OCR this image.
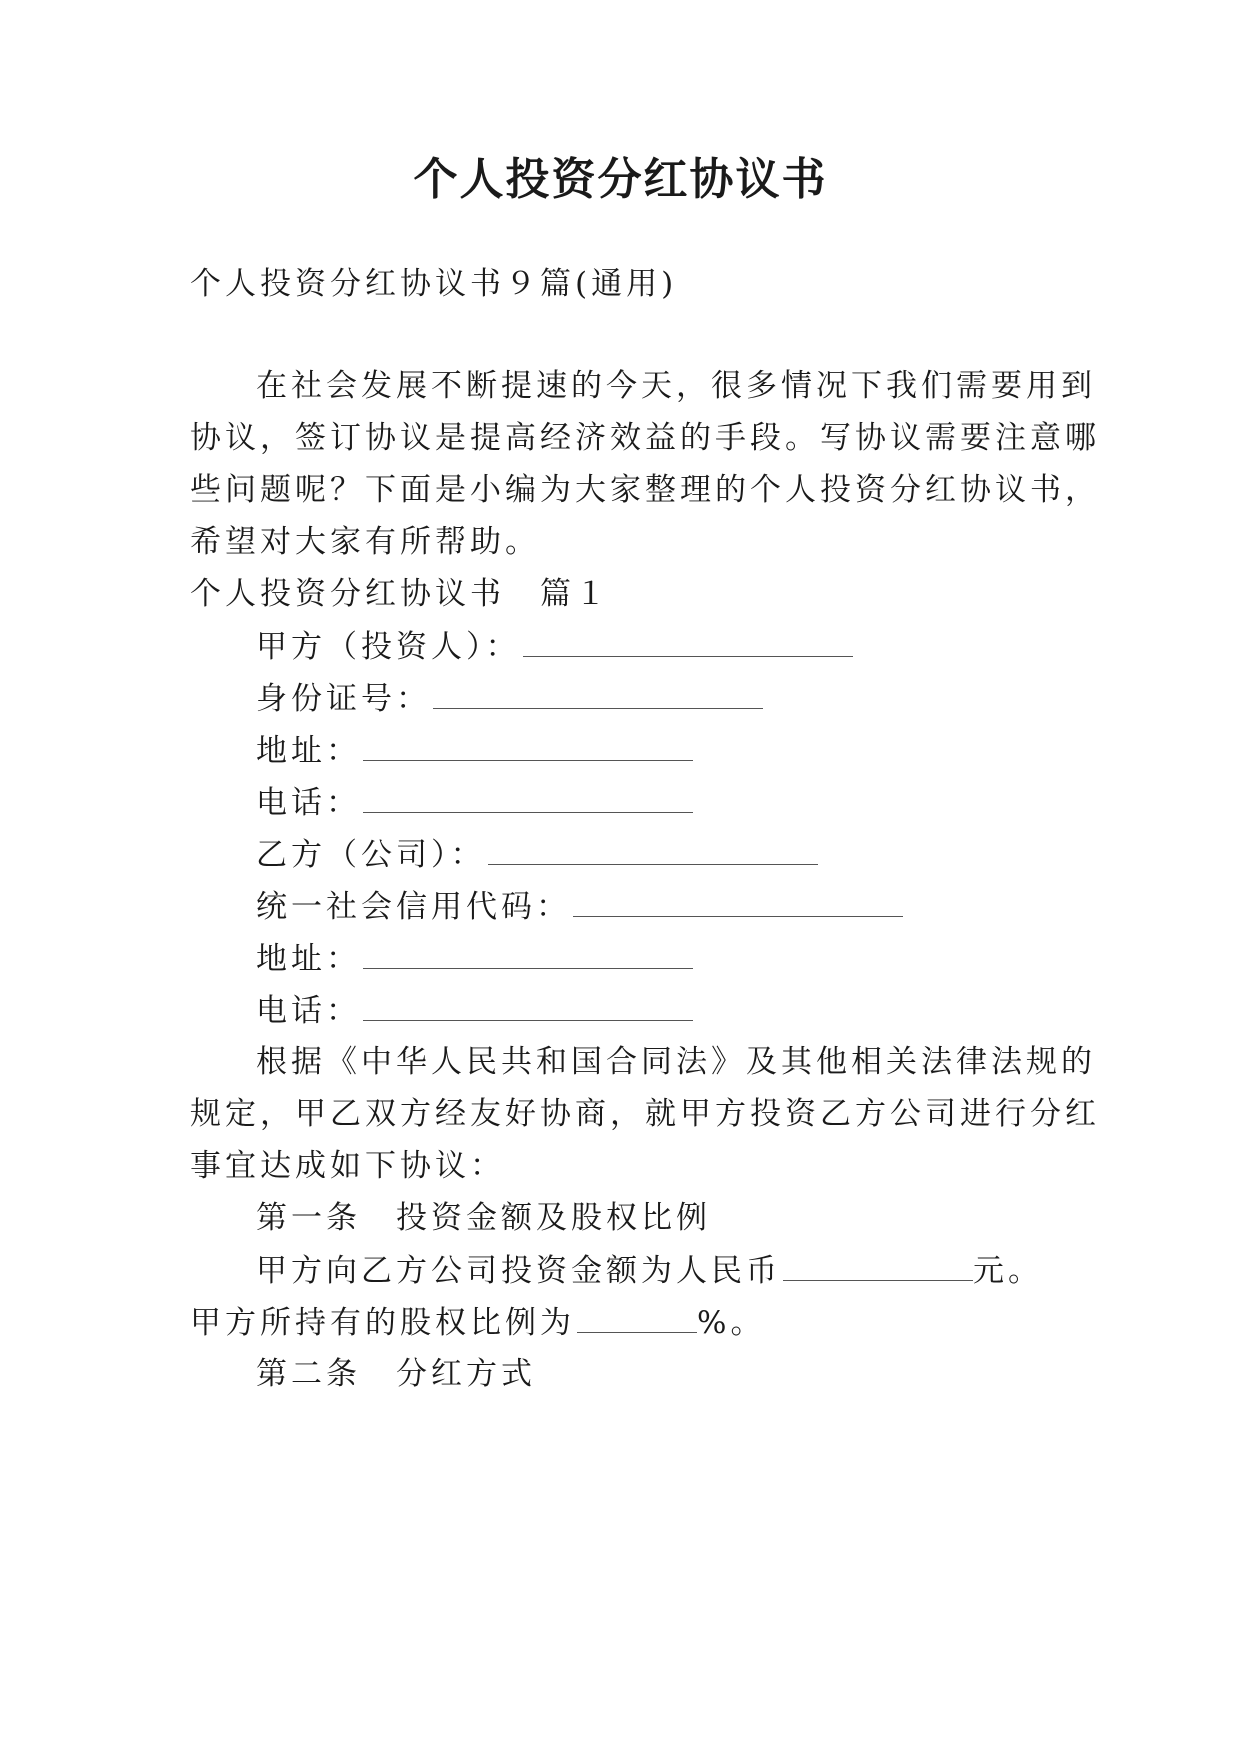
个人投资分红协议书

个人投资分红协议书９篇(通用)

在社会发展不断提速的今天，很多情况下我们需要用到

协议，签订协议是提高经济效益的手段。写协议需要注意哪

些问题呢？下面是小编为大家整理的个人投资分红协议书，

希望对大家有所帮助。

个人投资分红协议书　篇１

甲方（投资人）：

身份证号：

地址：

电话：

乙方（公司）：

统一社会信用代码：

地址：

电话：

根据《中华人民共和国合同法》及其他相关法律法规的

规定，甲乙双方经友好协商，就甲方投资乙方公司进行分红

事宜达成如下协议：

第一条　投资金额及股权比例

甲方向乙方公司投资金额为人民币	元。

甲方所持有的股权比例为	%。

第二条　分红方式
